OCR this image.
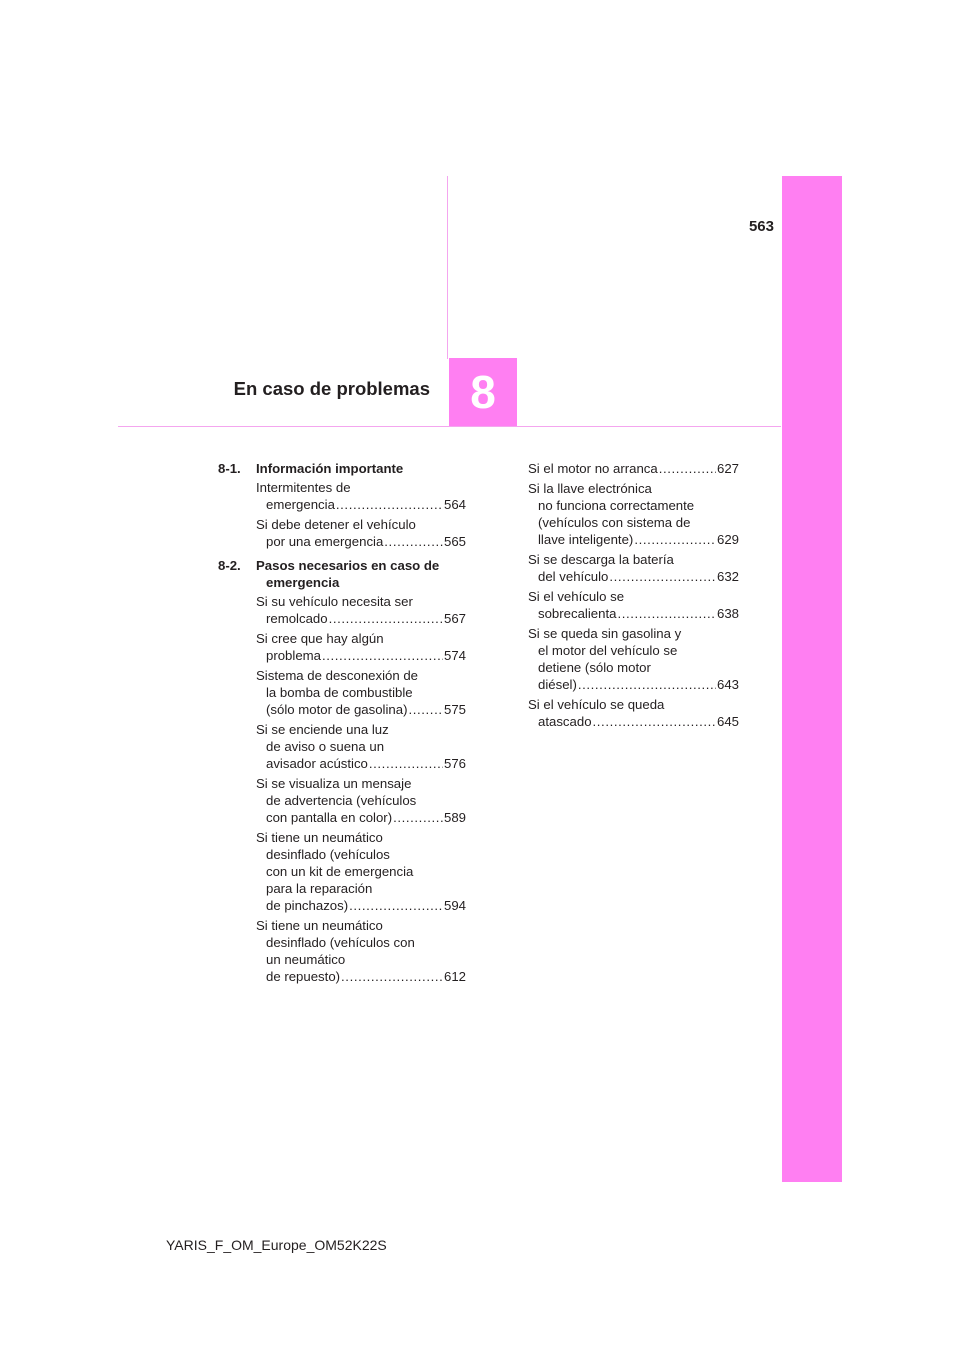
563
En caso de problemas 8
8-1.	Información importante
Intermitentes de
emergencia .....	564
Si debe detener el vehículo
por una emergencia .....	565
8-2.	Pasos necesarios en caso de
emergencia
Si su vehículo necesita ser
remolcado .....	567
Si cree que hay algún
problema .....	574
Sistema de desconexión de
la bomba de combustible
(sólo motor de gasolina) .....	575
Si se enciende una luz
de aviso o suena un
avisador acústico .....	576
Si se visualiza un mensaje
de advertencia (vehículos
con pantalla en color) .....	589
Si tiene un neumático
desinflado (vehículos
con un kit de emergencia
para la reparación
de pinchazos) .....	594
Si tiene un neumático
desinflado (vehículos con
un neumático
de repuesto) .....	612
Si el motor no arranca .....	627
Si la llave electrónica
no funciona correctamente
(vehículos con sistema de
llave inteligente) .....	629
Si se descarga la batería
del vehículo .....	632
Si el vehículo se
sobrecalienta .....	638
Si se queda sin gasolina y
el motor del vehículo se
detiene (sólo motor
diésel) .....	643
Si el vehículo se queda
atascado .....	645
YARIS_F_OM_Europe_OM52K22S
